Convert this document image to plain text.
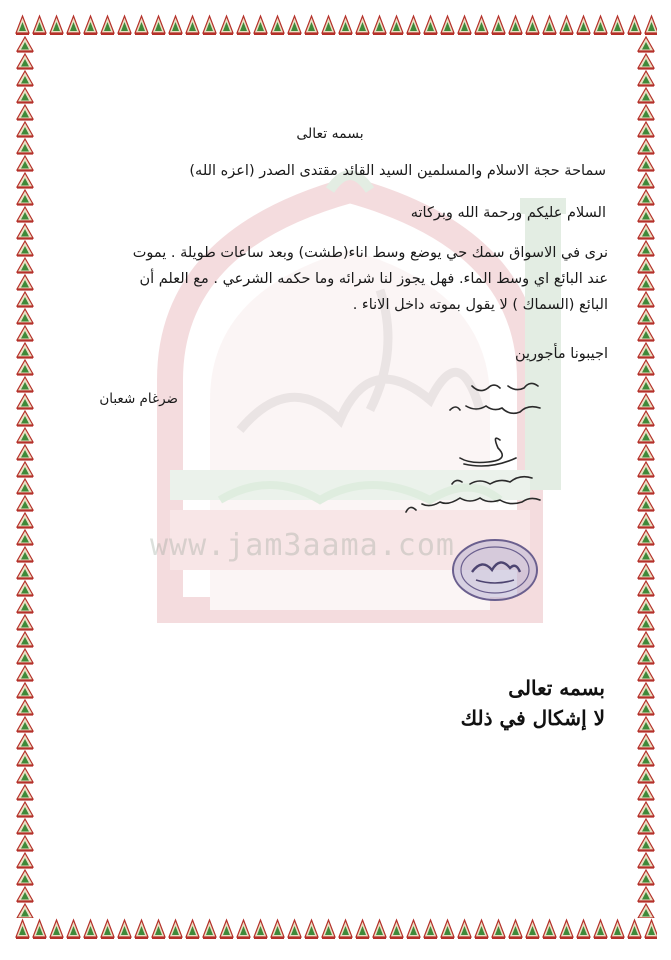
www.jam3aama.com
بسمه تعالى
سماحة حجة الاسلام والمسلمين السيد القائد مقتدى الصدر (اعزه الله)
السلام عليكم ورحمة الله وبركاته
نرى في الاسواق سمك حي يوضع وسط اناء(طشت) وبعد ساعات طويلة . يموت
عند البائع اي وسط الماء. فهل يجوز لنا شرائه وما حكمه الشرعي . مع العلم أن
البائع (السماك ) لا يقول بموته داخل الاناء .
اجيبونا مأجورين
ضرغام شعبان
بسمه تعالى
لا إشكال في ذلك
